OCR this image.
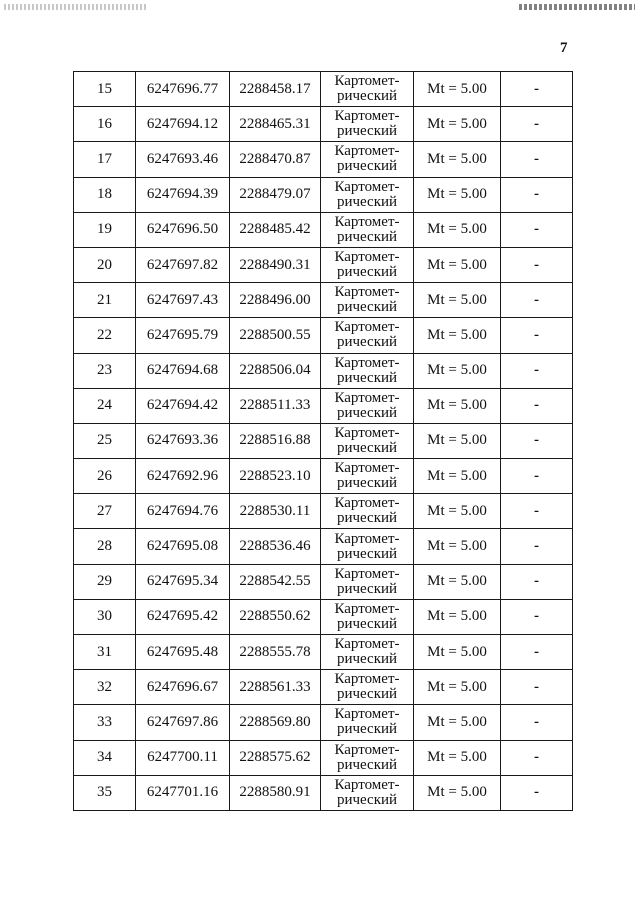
7
15	6247696.77	2288458.17	Картомет-
рический	Mt = 5.00	-
16	6247694.12	2288465.31	Картомет-
рический	Mt = 5.00	-
17	6247693.46	2288470.87	Картомет-
рический	Mt = 5.00	-
18	6247694.39	2288479.07	Картомет-
рический	Mt = 5.00	-
19	6247696.50	2288485.42	Картомет-
рический	Mt = 5.00	-
20	6247697.82	2288490.31	Картомет-
рический	Mt = 5.00	-
21	6247697.43	2288496.00	Картомет-
рический	Mt = 5.00	-
22	6247695.79	2288500.55	Картомет-
рический	Mt = 5.00	-
23	6247694.68	2288506.04	Картомет-
рический	Mt = 5.00	-
24	6247694.42	2288511.33	Картомет-
рический	Mt = 5.00	-
25	6247693.36	2288516.88	Картомет-
рический	Mt = 5.00	-
26	6247692.96	2288523.10	Картомет-
рический	Mt = 5.00	-
27	6247694.76	2288530.11	Картомет-
рический	Mt = 5.00	-
28	6247695.08	2288536.46	Картомет-
рический	Mt = 5.00	-
29	6247695.34	2288542.55	Картомет-
рический	Mt = 5.00	-
30	6247695.42	2288550.62	Картомет-
рический	Mt = 5.00	-
31	6247695.48	2288555.78	Картомет-
рический	Mt = 5.00	-
32	6247696.67	2288561.33	Картомет-
рический	Mt = 5.00	-
33	6247697.86	2288569.80	Картомет-
рический	Mt = 5.00	-
34	6247700.11	2288575.62	Картомет-
рический	Mt = 5.00	-
35	6247701.16	2288580.91	Картомет-
рический	Mt = 5.00	-
